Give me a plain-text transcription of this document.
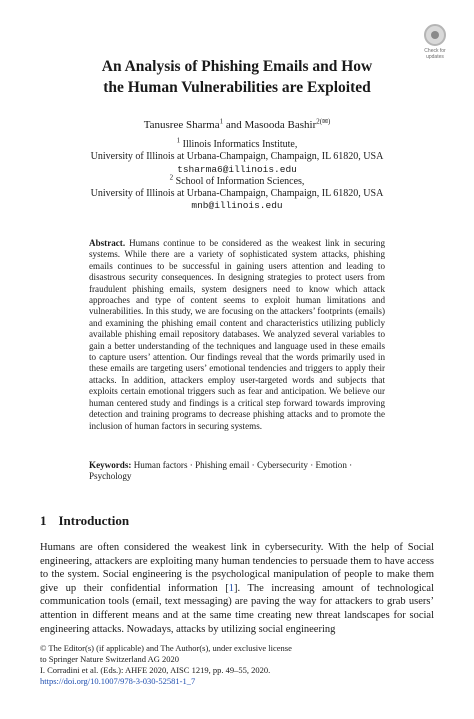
Check for
updates
An Analysis of Phishing Emails and How
the Human Vulnerabilities are Exploited
Tanusree Sharma$^1$ and Masooda Bashir$^{2(✉)}$
$^1$ Illinois Informatics Institute,
University of Illinois at Urbana-Champaign, Champaign, IL 61820, USA
tsharma6@illinois.edu
$^2$ School of Information Sciences,
University of Illinois at Urbana-Champaign, Champaign, IL 61820, USA
mnb@illinois.edu
Abstract. Humans continue to be considered as the weakest link in securing systems. While there are a variety of sophisticated system attacks, phishing emails continues to be successful in gaining users attention and leading to disastrous security consequences. In designing strategies to protect users from fraudulent phishing emails, system designers need to know which attack approaches and type of content seems to exploit human limitations and vulnerabilities. In this study, we are focusing on the attackers’ footprints (emails) and examining the phishing email content and characteristics utilizing publicly available phishing email repository databases. We analyzed several variables to gain a better understanding of the techniques and language used in these emails to capture users’ attention. Our findings reveal that the words primarily used in these emails are targeting users’ emotional tendencies and triggers to apply their attacks. In addition, attackers employ user-targeted words and subjects that exploits certain emotional triggers such as fear and anticipation. We believe our human centered study and findings is a critical step forward towards improving detection and training programs to decrease phishing attacks and to promote the inclusion of human factors in securing systems.
Keywords: Human factors · Phishing email · Cybersecurity · Emotion · Psychology
1 Introduction
Humans are often considered the weakest link in cybersecurity. With the help of Social engineering, attackers are exploiting many human tendencies to persuade them to have access to the system. Social engineering is the psychological manipulation of people to make them give up their confidential information [1]. The increasing amount of technological communication tools (email, text messaging) are paving the way for attackers to grab users’ attention in different means and at the same time creating new threat landscapes for social engineering attacks. Nowadays, attacks by utilizing social engineering
© The Editor(s) (if applicable) and The Author(s), under exclusive license
to Springer Nature Switzerland AG 2020
I. Corradini et al. (Eds.): AHFE 2020, AISC 1219, pp. 49–55, 2020.
https://doi.org/10.1007/978-3-030-52581-1_7
